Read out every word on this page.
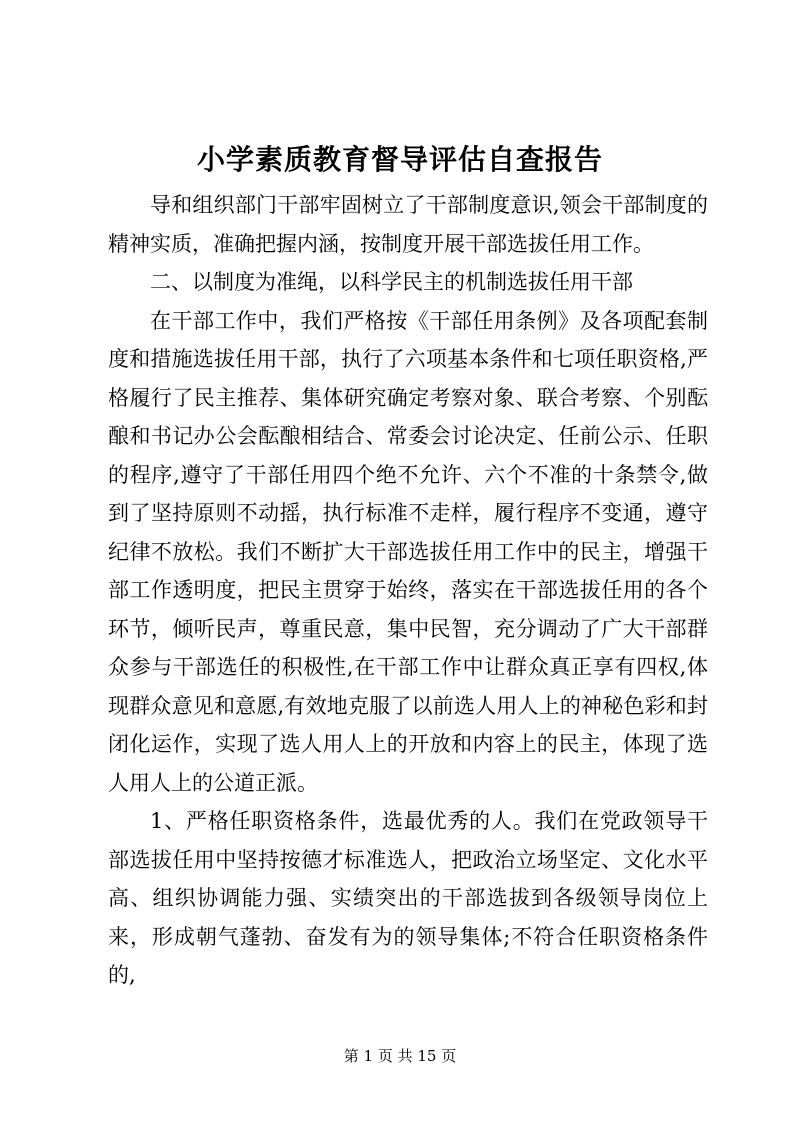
小学素质教育督导评估自查报告

导和组织部门干部牢固树立了干部制度意识,领会干部制度的精神实质，准确把握内涵，按制度开展干部选拔任用工作。

二、以制度为准绳，以科学民主的机制选拔任用干部

在干部工作中，我们严格按《干部任用条例》及各项配套制度和措施选拔任用干部，执行了六项基本条件和七项任职资格,严格履行了民主推荐、集体研究确定考察对象、联合考察、个别酝酿和书记办公会酝酿相结合、常委会讨论决定、任前公示、任职的程序,遵守了干部任用四个绝不允许、六个不准的十条禁令,做到了坚持原则不动摇，执行标准不走样，履行程序不变通，遵守纪律不放松。我们不断扩大干部选拔任用工作中的民主，增强干部工作透明度，把民主贯穿于始终，落实在干部选拔任用的各个环节，倾听民声，尊重民意，集中民智，充分调动了广大干部群众参与干部选任的积极性,在干部工作中让群众真正享有四权,体现群众意见和意愿,有效地克服了以前选人用人上的神秘色彩和封闭化运作，实现了选人用人上的开放和内容上的民主，体现了选人用人上的公道正派。

1、严格任职资格条件，选最优秀的人。我们在党政领导干部选拔任用中坚持按德才标准选人，把政治立场坚定、文化水平高、组织协调能力强、实绩突出的干部选拔到各级领导岗位上来，形成朝气蓬勃、奋发有为的领导集体;不符合任职资格条件的,

第 1 页 共 15 页
